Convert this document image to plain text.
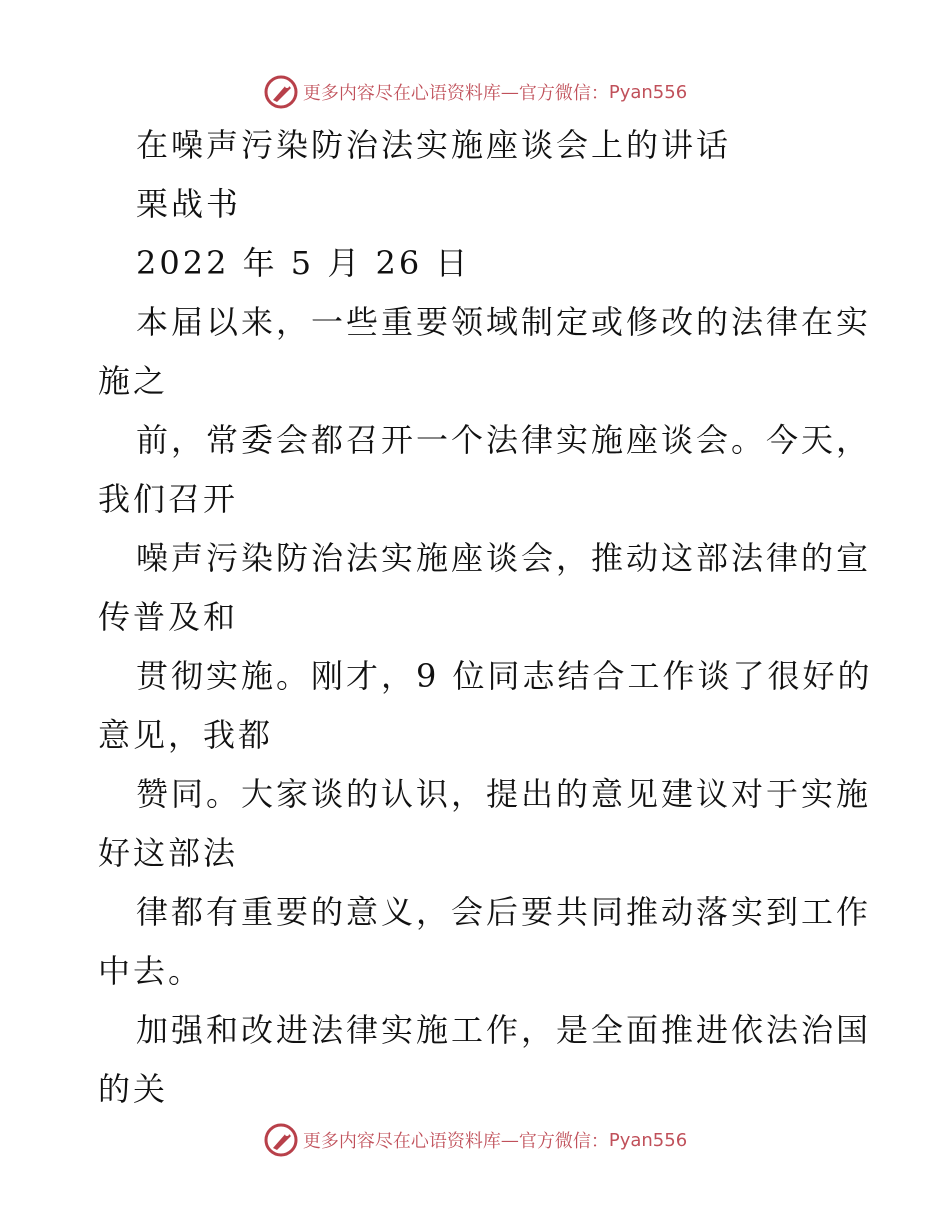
更多内容尽在心语资料库 — 官方微信： Pyan556
在噪声污染防治法实施座谈会上的讲话
栗战书
2022 年 5 月 26 日
本届以来，一些重要领域制定或修改的法律在实
施之
前，常委会都召开一个法律实施座谈会。今天，
我们召开
噪声污染防治法实施座谈会，推动这部法律的宣
传普及和
贯彻实施。刚才，9 位同志结合工作谈了很好的
意见，我都
赞同。大家谈的认识，提出的意见建议对于实施
好这部法
律都有重要的意义，会后要共同推动落实到工作
中去。
加强和改进法律实施工作，是全面推进依法治国
的关
更多内容尽在心语资料库 — 官方微信： Pyan556
